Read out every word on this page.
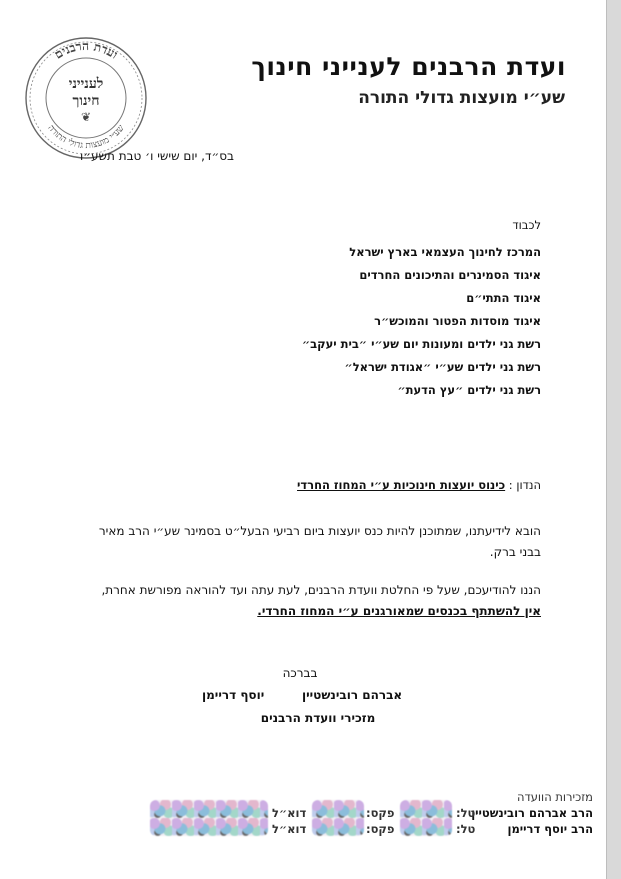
ועדת הרבנים
שע״י מועצות גדולי התורה
לענייני
חינוך
❦
ועדת הרבנים לענייני חינוך
שע״י מועצות גדולי התורה
בס״ד, יום שישי ו׳ טבת תשע״ו
לכבוד
המרכז לחינוך העצמאי בארץ ישראל
איגוד הסמינרים והתיכונים החרדים
איגוד התתי״ם
איגוד מוסדות הפטור והמוכש״ר
רשת גני ילדים ומעונות יום שע״י ״בית יעקב״
רשת גני ילדים שע״י ״אגודת ישראל״
רשת גני ילדים ״עץ הדעת״
הנדון : כינוס יועצות חינוכיות ע״י המחוז החרדי
הובא לידיעתנו, שמתוכנן להיות כנס יועצות ביום רביעי הבעל״ט בסמינר שע״י הרב מאיר בבני ברק.
הננו להודיעכם, שעל פי החלטת וועדת הרבנים, לעת עתה ועד להוראה מפורשת אחרת,
אין להשתתף בכנסים שמאורגנים ע״י המחוז החרדי.
בברכה
אברהם רובינשטיין
יוסף דריימן
מזכירי וועדת הרבנים
מזכירות הוועדה
הרב אברהם רובינשטיין
הרב יוסף דריימן
טל:
טל:
פקס:
פקס:
דוא״ל
דוא״ל
